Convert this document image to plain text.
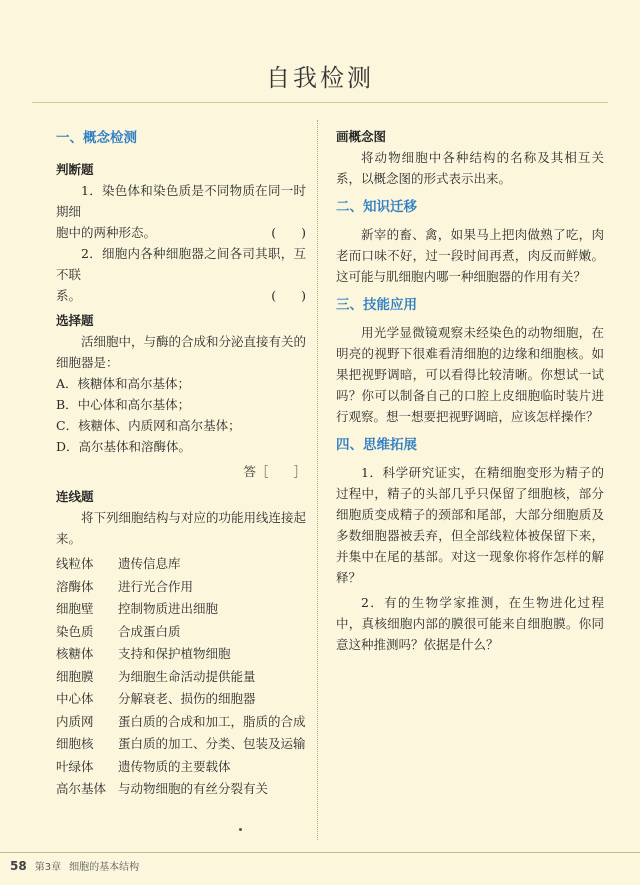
自我检测
一、概念检测
判断题

1．染色体和染色质是不同物质在同一时期细

胞中的两种形态。	(　　)

2．细胞内各种细胞器之间各司其职，互不联

系。	(　　)
选择题

活细胞中，与酶的合成和分泌直接有关的细胞器是：

A．核糖体和高尔基体；
B．中心体和高尔基体；
C．核糖体、内质网和高尔基体；
D．高尔基体和溶酶体。
答［　　］
连线题

将下列细胞结构与对应的功能用线连接起来。

线粒体	遗传信息库
溶酶体	进行光合作用
细胞壁	控制物质进出细胞
染色质	合成蛋白质
核糖体	支持和保护植物细胞
细胞膜	为细胞生命活动提供能量
中心体	分解衰老、损伤的细胞器
内质网	蛋白质的合成和加工，脂质的合成
细胞核	蛋白质的加工、分类、包装及运输
叶绿体	遗传物质的主要载体
高尔基体 与动物细胞的有丝分裂有关
画概念图

将动物细胞中各种结构的名称及其相互关系，以概念图的形式表示出来。

二、知识迁移

新宰的畜、禽，如果马上把肉做熟了吃，肉老而口味不好，过一段时间再煮，肉反而鲜嫩。这可能与肌细胞内哪一种细胞器的作用有关？

三、技能应用

用光学显微镜观察未经染色的动物细胞，在明亮的视野下很难看清细胞的边缘和细胞核。如果把视野调暗，可以看得比较清晰。你想试一试吗？你可以制备自己的口腔上皮细胞临时装片进行观察。想一想要把视野调暗，应该怎样操作？

四、思维拓展

1．科学研究证实，在精细胞变形为精子的过程中，精子的头部几乎只保留了细胞核，部分细胞质变成精子的颈部和尾部，大部分细胞质及多数细胞器被丢弃，但全部线粒体被保留下来，并集中在尾的基部。对这一现象你将作怎样的解释？

2．有的生物学家推测，在生物进化过程中，真核细胞内部的膜很可能来自细胞膜。你同意这种推测吗？依据是什么？

58 第3章 细胞的基本结构
